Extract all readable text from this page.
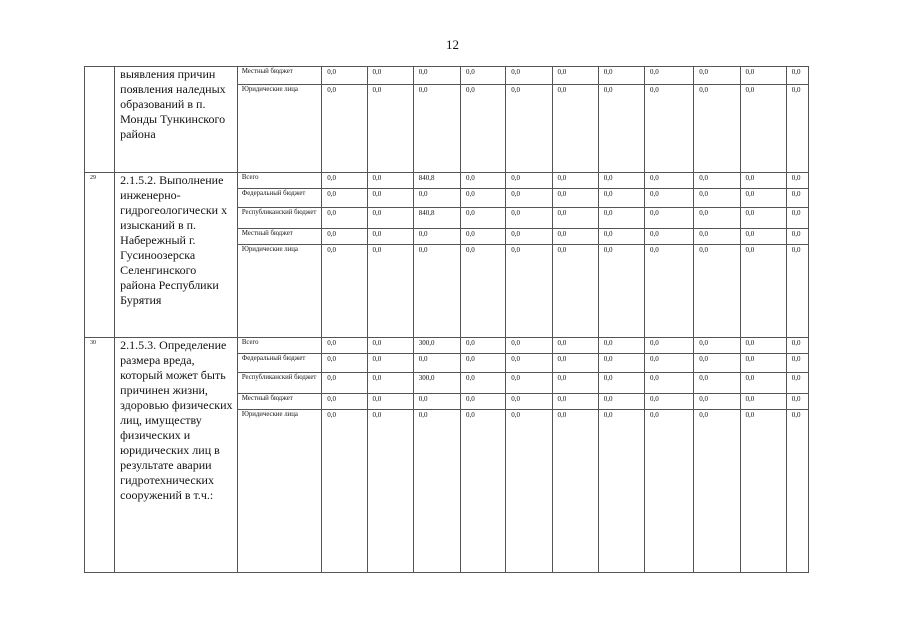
12
	выявления причин появления наледных образований в п. Монды Тункинского района	Местный бюджет	0,0	0,0	0,0	0,0	0,0	0,0	0,0	0,0	0,0	0,0	0,0
		Юридические лица	0,0	0,0	0,0	0,0	0,0	0,0	0,0	0,0	0,0	0,0	0,0
29	2.1.5.2. Выполнение инженерно-гидрогеологически х изысканий в п. Набережный г. Гусиноозерска Селенгинского района Республики Бурятия	Всего	0,0	0,0	840,8	0,0	0,0	0,0	0,0	0,0	0,0	0,0	0,0
		Федеральный бюджет	0,0	0,0	0,0	0,0	0,0	0,0	0,0	0,0	0,0	0,0	0,0
		Республиканский бюджет	0,0	0,0	840,8	0,0	0,0	0,0	0,0	0,0	0,0	0,0	0,0
		Местный бюджет	0,0	0,0	0,0	0,0	0,0	0,0	0,0	0,0	0,0	0,0	0,0
		Юридические лица	0,0	0,0	0,0	0,0	0,0	0,0	0,0	0,0	0,0	0,0	0,0
30	2.1.5.3. Определение размера вреда, который может быть причинен жизни, здоровью физических лиц, имуществу физических и юридических лиц в результате аварии гидротехнических сооружений в т.ч.:	Всего	0,0	0,0	300,0	0,0	0,0	0,0	0,0	0,0	0,0	0,0	0,0
		Федеральный бюджет	0,0	0,0	0,0	0,0	0,0	0,0	0,0	0,0	0,0	0,0	0,0
		Республиканский бюджет	0,0	0,0	300,0	0,0	0,0	0,0	0,0	0,0	0,0	0,0	0,0
		Местный бюджет	0,0	0,0	0,0	0,0	0,0	0,0	0,0	0,0	0,0	0,0	0,0
		Юридические лица	0,0	0,0	0,0	0,0	0,0	0,0	0,0	0,0	0,0	0,0	0,0
